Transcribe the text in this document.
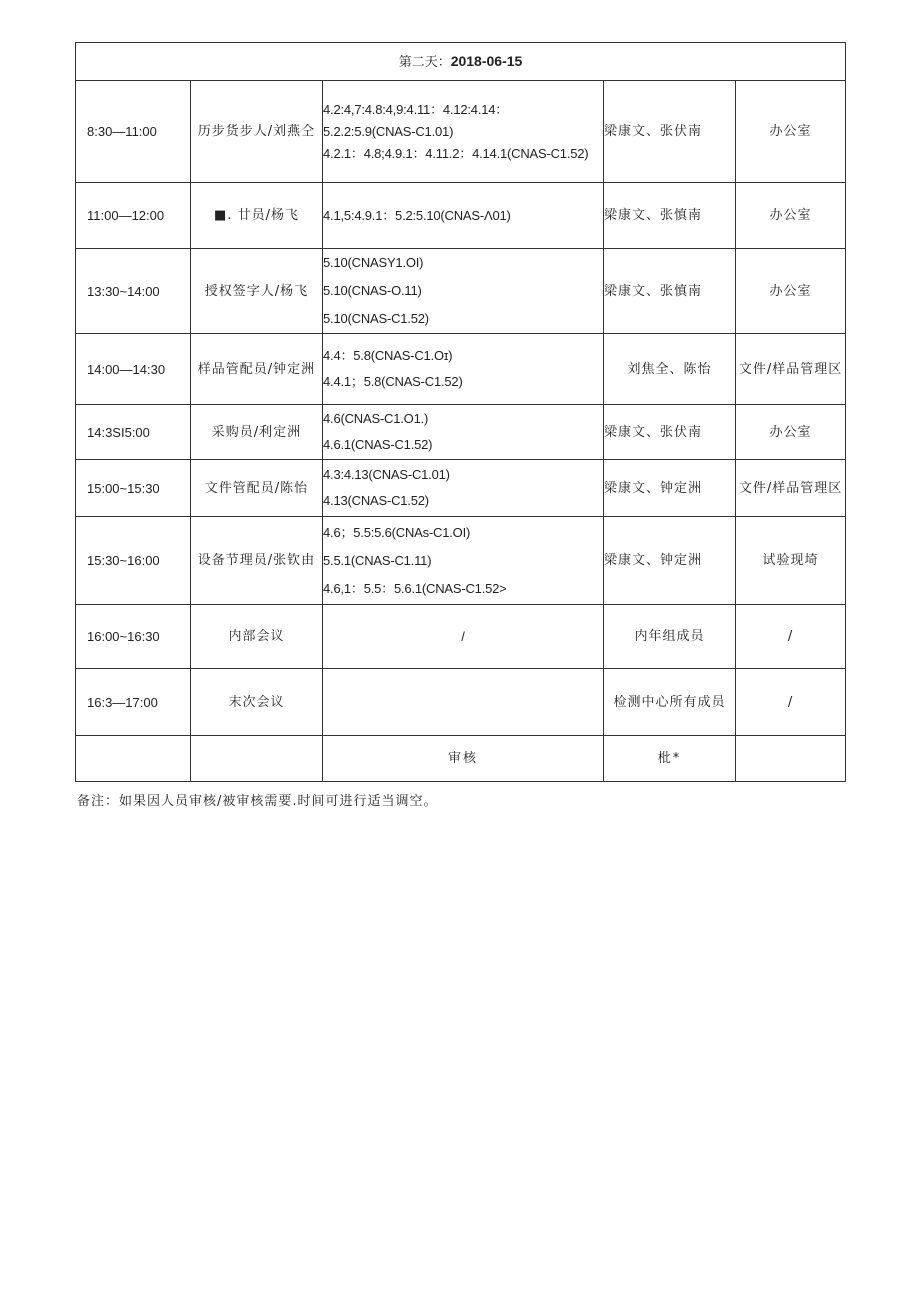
第二天：2018-06-15				
8:30—11:00	历步货步人/刘燕仝	4.2:4,7:4.8:4,9:4.11：4.12:4.14：
5.2.2:5.9(CNAS-C1.01)
4.2.1：4.8;4.9.1：4.11.2：4.14.1(CNAS-C1.52)	梁康文、张伏南	办公室
11:00—12:00	■. 廿员/杨飞	4.1,5:4.9.1：5.2:5.10(CNAS-Λ01)	梁康文、张慎南	办公室
13:30~14:00	授权签字人/杨飞	5.10(CNASY1.OI)
5.10(CNAS-O.11)
5.10(CNAS-C1.52)	梁康文、张慎南	办公室
14:00—14:30	样品管配员/钟定洲	4.4：5.8(CNAS-C1.Oɪ)
4.4.1；5.8(CNAS-C1.52)	刘焦全、陈怡	文件/样品管理区
14:3SI5:00	采购员/利定洲	4.6(CNAS-C1.O1.)
4.6.1(CNAS-C1.52)	梁康文、张伏南	办公室
15:00~15:30	文件管配员/陈怡	4.3:4.13(CNAS-C1.01)
4.13(CNAS-C1.52)	梁康文、钟定洲	文件/样品管理区
15:30~16:00	设备节理员/张钦由	4.6；5.5:5.6(CNAs-C1.OI)
5.5.1(CNAS-C1.11)
4.6,1：5.5：5.6.1(CNAS-C1.52>	梁康文、钟定洲	试验现埼
16:00~16:30	内部会议	/	内年组成员	/
16:3—17:00	末次会议		检测中心所有成员	/
		审核	枇*	
备注：如果因人员审核/被审核需要.时间可进行适当调空。
